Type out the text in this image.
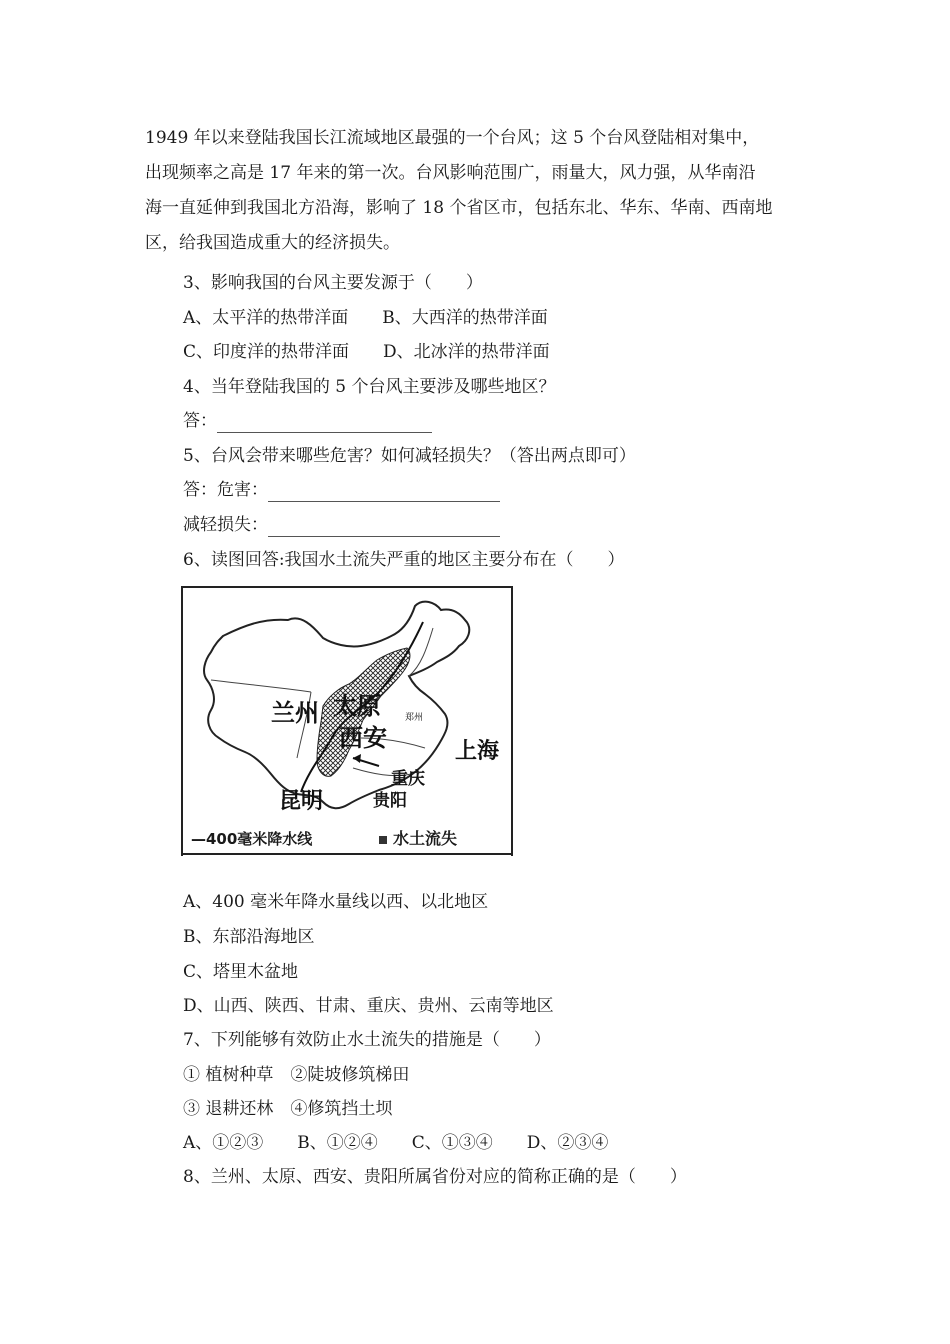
1949 年以来登陆我国长江流域地区最强的一个台风；这 5 个台风登陆相对集中，
出现频率之高是 17 年来的第一次。台风影响范围广，雨量大，风力强，从华南沿
海一直延伸到我国北方沿海，影响了 18 个省区市，包括东北、华东、华南、西南地
区，给我国造成重大的经济损失。
3、影响我国的台风主要发源于（　　）
A、太平洋的热带洋面　　B、大西洋的热带洋面
C、印度洋的热带洋面　　D、北冰洋的热带洋面
4、当年登陆我国的 5 个台风主要涉及哪些地区？
答：
5、台风会带来哪些危害？如何减轻损失？（答出两点即可）
答：危害：
减轻损失：
6、读图回答:我国水土流失严重的地区主要分布在（　　）
兰州 太原
西安	上海
重庆
贵阳
昆明
郑州
—400毫米降水线	水土流失
A、400 毫米年降水量线以西、以北地区
B、东部沿海地区
C、塔里木盆地
D、山西、陕西、甘肃、重庆、贵州、云南等地区
7、下列能够有效防止水土流失的措施是（　　）
① 植树种草　②陡坡修筑梯田
③ 退耕还林　④修筑挡土坝
A、①②③　　B、①②④　　C、①③④　　D、②③④
8、兰州、太原、西安、贵阳所属省份对应的简称正确的是（　　）
